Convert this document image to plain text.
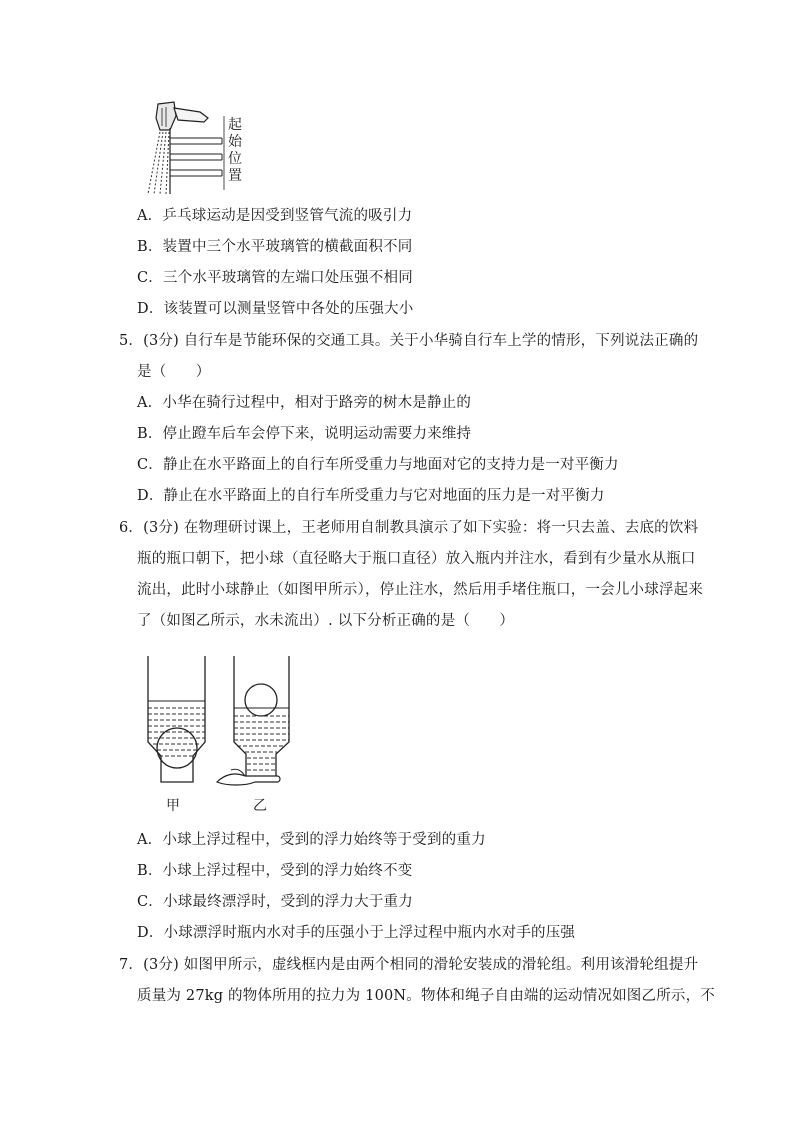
起
始
位
置
A．乒乓球运动是因受到竖管气流的吸引力
B．装置中三个水平玻璃管的横截面积不同
C．三个水平玻璃管的左端口处压强不相同
D．该装置可以测量竖管中各处的压强大小
5．(3分) 自行车是节能环保的交通工具。关于小华骑自行车上学的情形，下列说法正确的
是（　　）
A．小华在骑行过程中，相对于路旁的树木是静止的
B．停止蹬车后车会停下来，说明运动需要力来维持
C．静止在水平路面上的自行车所受重力与地面对它的支持力是一对平衡力
D．静止在水平路面上的自行车所受重力与它对地面的压力是一对平衡力
6．(3分) 在物理研讨课上，王老师用自制教具演示了如下实验：将一只去盖、去底的饮料
瓶的瓶口朝下，把小球（直径略大于瓶口直径）放入瓶内并注水，看到有少量水从瓶口
流出，此时小球静止（如图甲所示），停止注水，然后用手堵住瓶口，一会儿小球浮起来
了（如图乙所示，水未流出）. 以下分析正确的是（　　）
甲	乙
A．小球上浮过程中，受到的浮力始终等于受到的重力
B．小球上浮过程中，受到的浮力始终不变
C．小球最终漂浮时，受到的浮力大于重力
D．小球漂浮时瓶内水对手的压强小于上浮过程中瓶内水对手的压强
7．(3分) 如图甲所示，虚线框内是由两个相同的滑轮安装成的滑轮组。利用该滑轮组提升
质量为 27kg 的物体所用的拉力为 100N。物体和绳子自由端的运动情况如图乙所示，不
